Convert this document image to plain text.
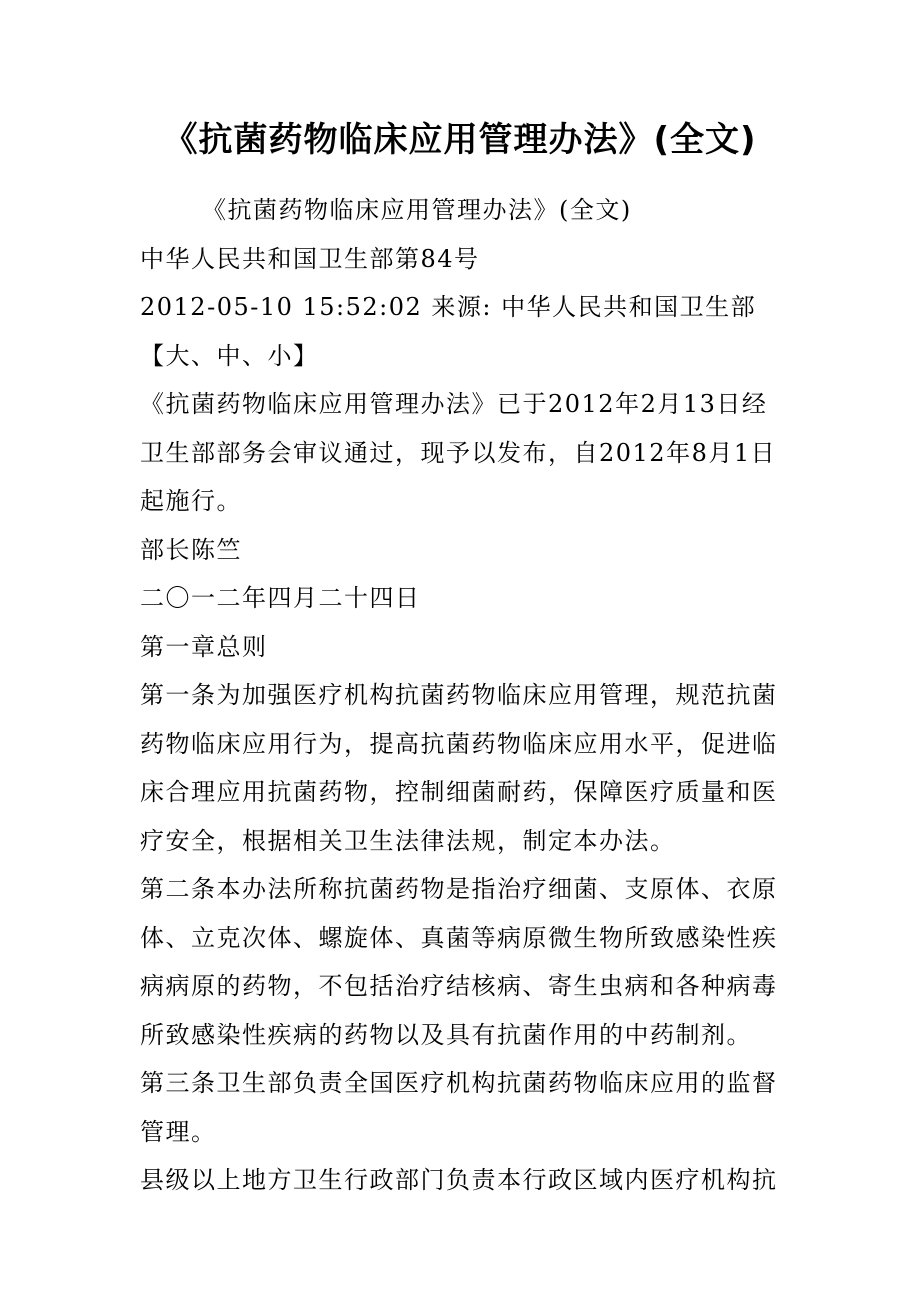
《抗菌药物临床应用管理办法》(全文)

《抗菌药物临床应用管理办法》(全文)

中华人民共和国卫生部第84号

2012-05-10 15:52:02 来源: 中华人民共和国卫生部【大、中、小】

《抗菌药物临床应用管理办法》已于2012年2月13日经卫生部部务会审议通过，现予以发布，自2012年8月1日起施行。

部长陈竺

二〇一二年四月二十四日

第一章总则

第一条为加强医疗机构抗菌药物临床应用管理，规范抗菌药物临床应用行为，提高抗菌药物临床应用水平，促进临床合理应用抗菌药物，控制细菌耐药，保障医疗质量和医疗安全，根据相关卫生法律法规，制定本办法。

第二条本办法所称抗菌药物是指治疗细菌、支原体、衣原体、立克次体、螺旋体、真菌等病原微生物所致感染性疾病病原的药物，不包括治疗结核病、寄生虫病和各种病毒所致感染性疾病的药物以及具有抗菌作用的中药制剂。

第三条卫生部负责全国医疗机构抗菌药物临床应用的监督管理。

县级以上地方卫生行政部门负责本行政区域内医疗机构抗
